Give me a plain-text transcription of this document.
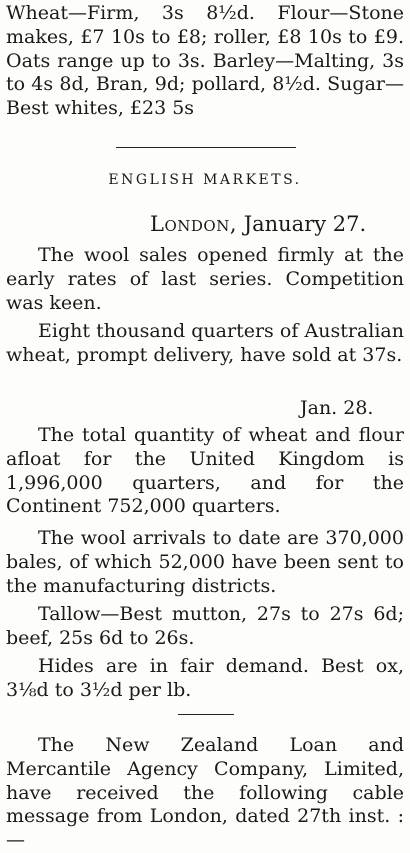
Wheat—Firm, 3s 8½d. Flour—Stone makes, £7 10s to £8; roller, £8 10s to £9. Oats range up to 3s. Barley—Malting, 3s to 4s 8d, Bran, 9d; pollard, 8½d. Sugar—Best whites, £23 5s

ENGLISH MARKETS.
London, January 27.

The wool sales opened firmly at the early rates of last series. Competition was keen.

Eight thousand quarters of Australian wheat, prompt delivery, have sold at 37s.

Jan. 28.

The total quantity of wheat and flour afloat for the United Kingdom is 1,996,000 quarters, and for the Continent 752,000 quarters.

The wool arrivals to date are 370,000 bales, of which 52,000 have been sent to the manufacturing districts.

Tallow—Best mutton, 27s to 27s 6d; beef, 25s 6d to 26s.

Hides are in fair demand. Best ox, 3⅛d to 3½d per lb.

The New Zealand Loan and Mercantile Agency Company, Limited, have received the following cable message from London, dated 27th inst. :—
